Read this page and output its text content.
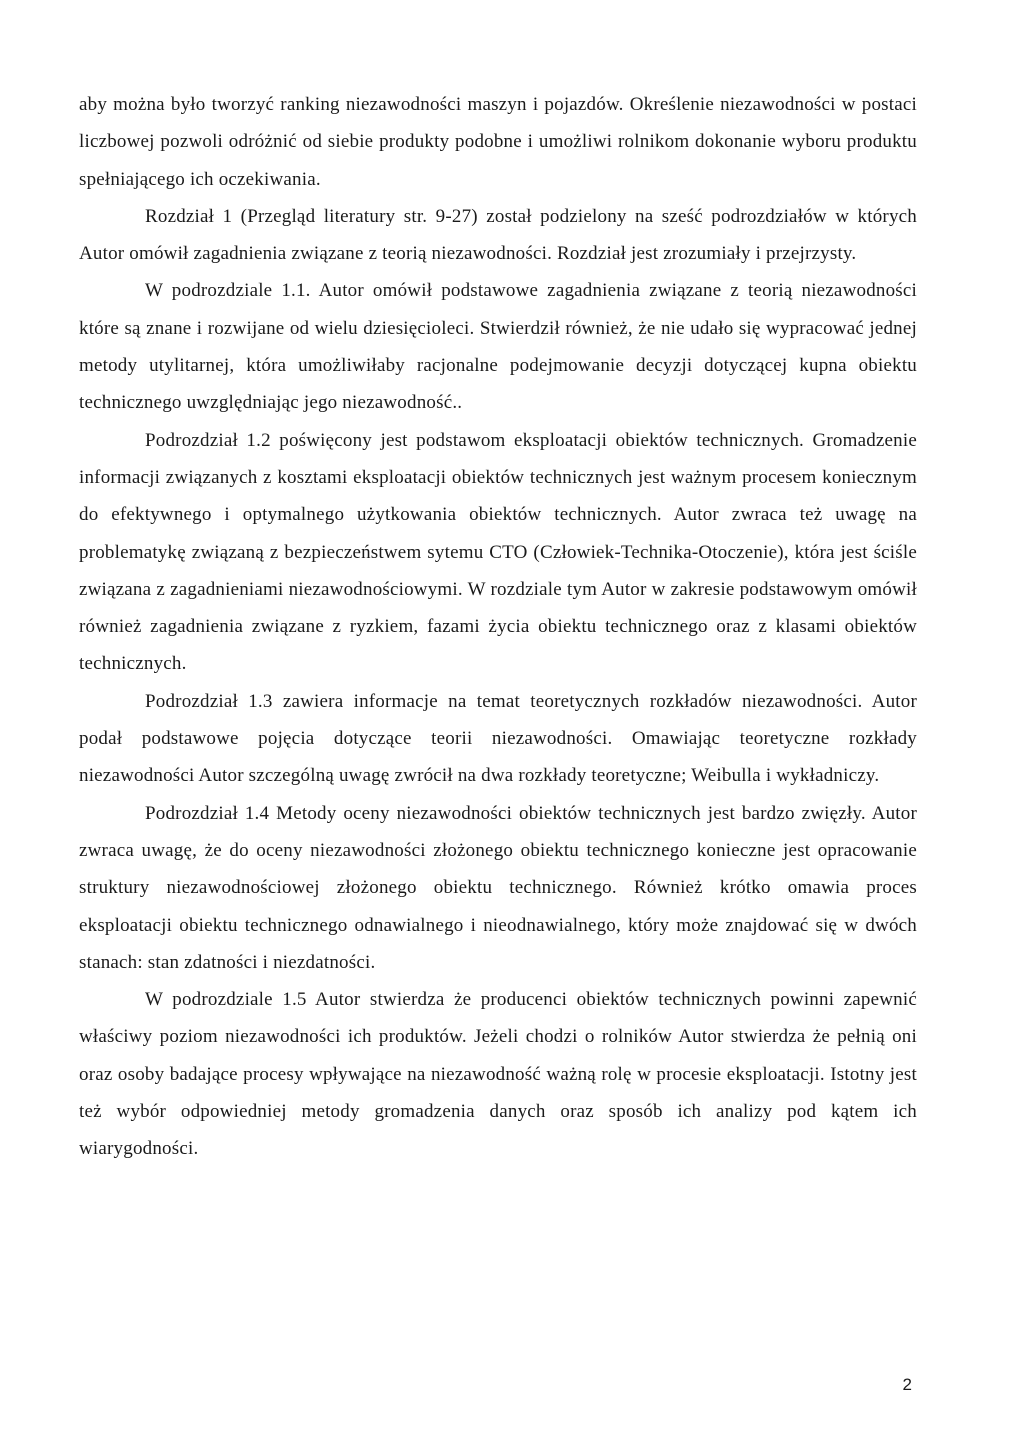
aby można było tworzyć ranking niezawodności maszyn i pojazdów. Określenie niezawodności w postaci liczbowej pozwoli odróżnić od siebie produkty podobne i umożliwi rolnikom dokonanie wyboru produktu spełniającego ich oczekiwania.

Rozdział 1 (Przegląd literatury str. 9-27) został podzielony na sześć podrozdziałów w których Autor omówił zagadnienia związane z teorią niezawodności. Rozdział jest zrozumiały i przejrzysty.

W podrozdziale 1.1. Autor omówił podstawowe zagadnienia związane z teorią niezawodności które są znane i rozwijane od wielu dziesięcioleci. Stwierdził również, że nie udało się wypracować jednej metody utylitarnej, która umożliwiłaby racjonalne podejmowanie decyzji dotyczącej kupna obiektu technicznego uwzględniając jego niezawodność..

Podrozdział 1.2 poświęcony jest podstawom eksploatacji obiektów technicznych. Gromadzenie informacji związanych z kosztami eksploatacji obiektów technicznych jest ważnym procesem koniecznym do efektywnego i optymalnego użytkowania obiektów technicznych. Autor zwraca też uwagę na problematykę związaną z bezpieczeństwem sytemu CTO (Człowiek-Technika-Otoczenie), która jest ściśle związana z zagadnieniami niezawodnościowymi. W rozdziale tym Autor w zakresie podstawowym omówił również zagadnienia związane z ryzkiem, fazami życia obiektu technicznego oraz z klasami obiektów technicznych.

Podrozdział 1.3 zawiera informacje na temat teoretycznych rozkładów niezawodności. Autor podał podstawowe pojęcia dotyczące teorii niezawodności. Omawiając teoretyczne rozkłady niezawodności Autor szczególną uwagę zwrócił na dwa rozkłady teoretyczne; Weibulla i wykładniczy.

Podrozdział 1.4 Metody oceny niezawodności obiektów technicznych jest bardzo zwięzły. Autor zwraca uwagę, że do oceny niezawodności złożonego obiektu technicznego konieczne jest opracowanie struktury niezawodnościowej złożonego obiektu technicznego. Również krótko omawia proces eksploatacji obiektu technicznego odnawialnego i nieodnawialnego, który może znajdować się w dwóch stanach: stan zdatności i niezdatności.

W podrozdziale 1.5 Autor stwierdza że producenci obiektów technicznych powinni zapewnić właściwy poziom niezawodności ich produktów. Jeżeli chodzi o rolników Autor stwierdza że pełnią oni oraz osoby badające procesy wpływające na niezawodność ważną rolę w procesie eksploatacji. Istotny jest też wybór odpowiedniej metody gromadzenia danych oraz sposób ich analizy pod kątem ich wiarygodności.

2
